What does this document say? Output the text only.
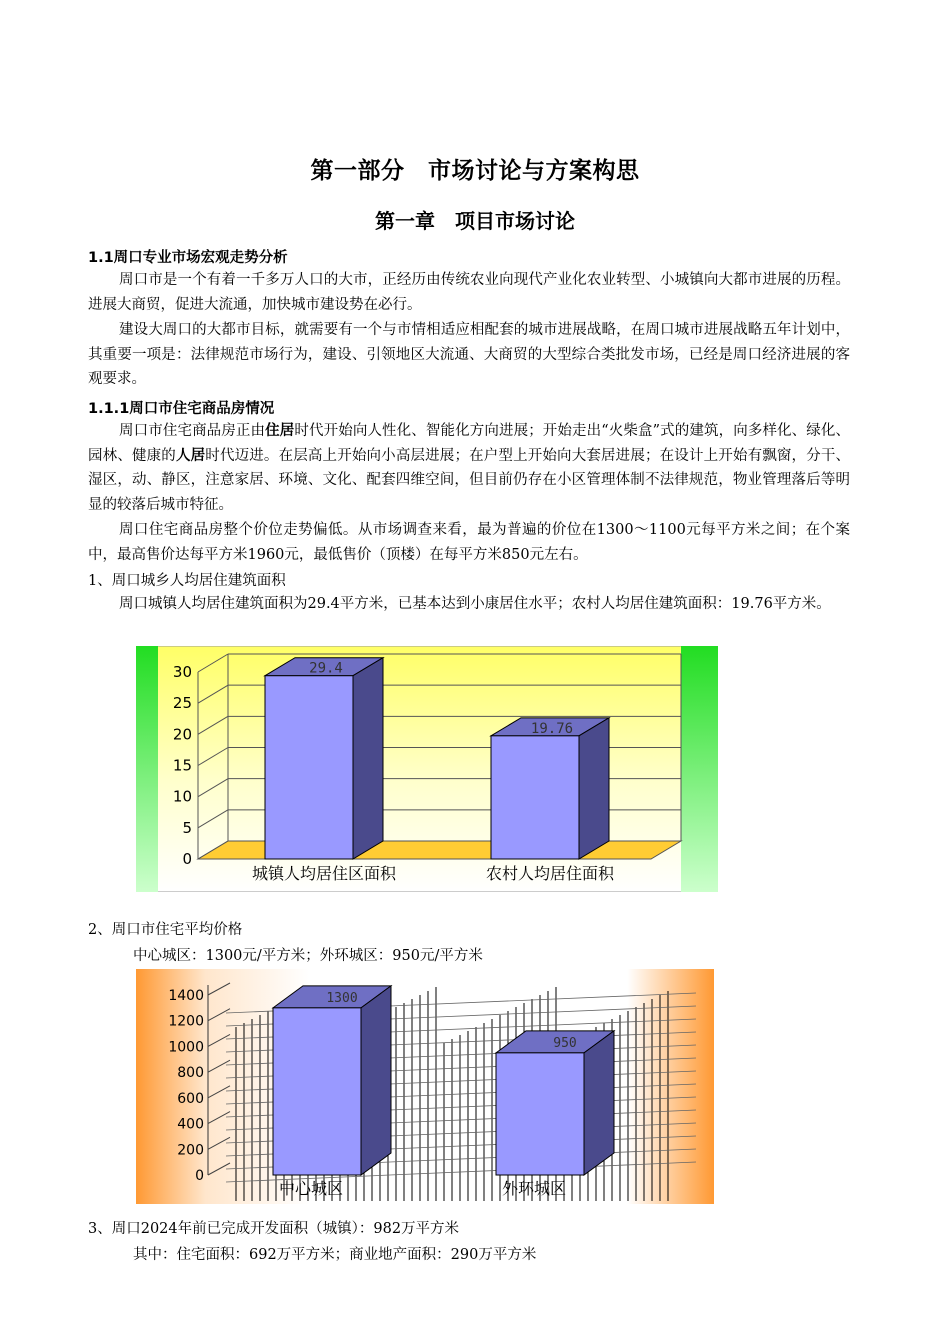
第一部分　市场讨论与方案构思
第一章　项目市场讨论
1.1周口专业市场宏观走势分析
周口市是一个有着一千多万人口的大市，正经历由传统农业向现代产业化农业转型、小城镇向大都市进展的历程。进展大商贸，促进大流通，加快城市建设势在必行。
建设大周口的大都市目标，就需要有一个与市情相适应相配套的城市进展战略，在周口城市进展战略五年计划中，其重要一项是：法律规范市场行为，建设、引领地区大流通、大商贸的大型综合类批发市场，已经是周口经济进展的客观要求。
1.1.1周口市住宅商品房情况
周口市住宅商品房正由住居时代开始向人性化、智能化方向进展；开始走出“火柴盒”式的建筑，向多样化、绿化、园林、健康的人居时代迈进。在层高上开始向小高层进展；在户型上开始向大套居进展；在设计上开始有飘窗，分干、湿区，动、静区，注意家居、环境、文化、配套四维空间，但目前仍存在小区管理体制不法律规范，物业管理落后等明显的较落后城市特征。
周口住宅商品房整个价位走势偏低。从市场调查来看，最为普遍的价位在1300～1100元每平方米之间；在个案中，最高售价达每平方米1960元，最低售价（顶楼）在每平方米850元左右。
1、周口城乡人均居住建筑面积
周口城镇人均居住建筑面积为29.4平方米，已基本达到小康居住水平；农村人均居住建筑面积：19.76平方米。
0
5
10
15
20
25
30	29.4
城镇人均居住区面积
19.76
农村人均居住面积
2、周口市住宅平均价格
中心城区：1300元/平方米；外环城区：950元/平方米
0
200
400
600
800
1000
1200
1400	1300
中心城区
950
外环城区
3、周口2024年前已完成开发面积（城镇）：982万平方米
其中：住宅面积：692万平方米；商业地产面积：290万平方米
